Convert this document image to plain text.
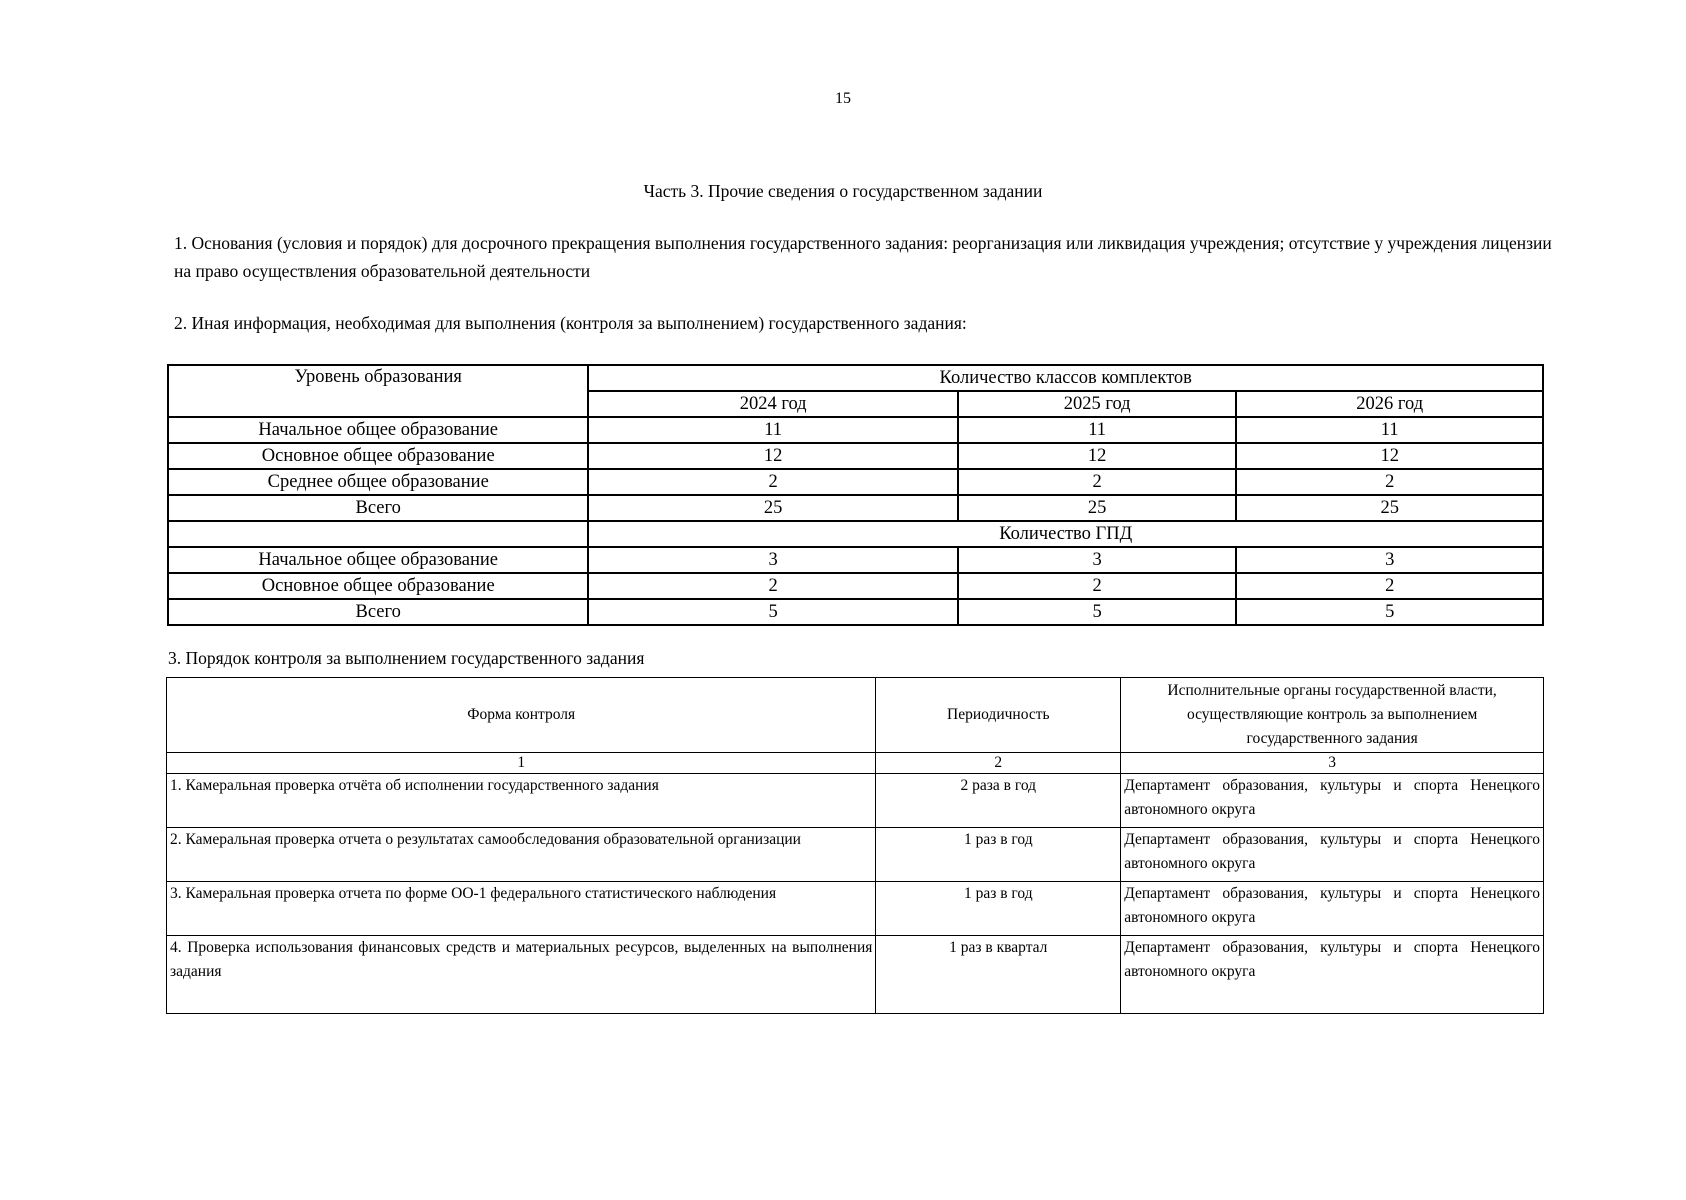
15
Часть 3. Прочие сведения о государственном задании
1. Основания (условия и порядок) для досрочного прекращения выполнения государственного задания: реорганизация или ликвидация учреждения; отсутствие у учреждения лицензии на право осуществления образовательной деятельности
2. Иная информация, необходимая для выполнения (контроля за выполнением) государственного задания:
Уровень образования	Количество классов комплектов		
	2024 год	2025 год	2026 год
Начальное общее образование	11	11	11
Основное общее образование	12	12	12
Среднее общее образование	2	2	2
Всего	25	25	25
	Количество ГПД		
Начальное общее образование	3	3	3
Основное общее образование	2	2	2
Всего	5	5	5
3. Порядок контроля за выполнением государственного задания
Форма контроля	Периодичность	Исполнительные органы государственной власти, осуществляющие контроль за выполнением государственного задания
1	2	3
1. Камеральная проверка отчёта об исполнении государственного задания	2 раза в год	Департамент образования, культуры и спорта Ненецкого автономного округа
2. Камеральная проверка отчета о результатах самообследования образовательной организации	1 раз в год	Департамент образования, культуры и спорта Ненецкого автономного округа
3. Камеральная проверка отчета по форме ОО-1 федерального статистического наблюдения	1 раз в год	Департамент образования, культуры и спорта Ненецкого автономного округа
4. Проверка использования финансовых средств и материальных ресурсов, выделенных на выполнения задания	1 раз в квартал	Департамент образования, культуры и спорта Ненецкого автономного округа
